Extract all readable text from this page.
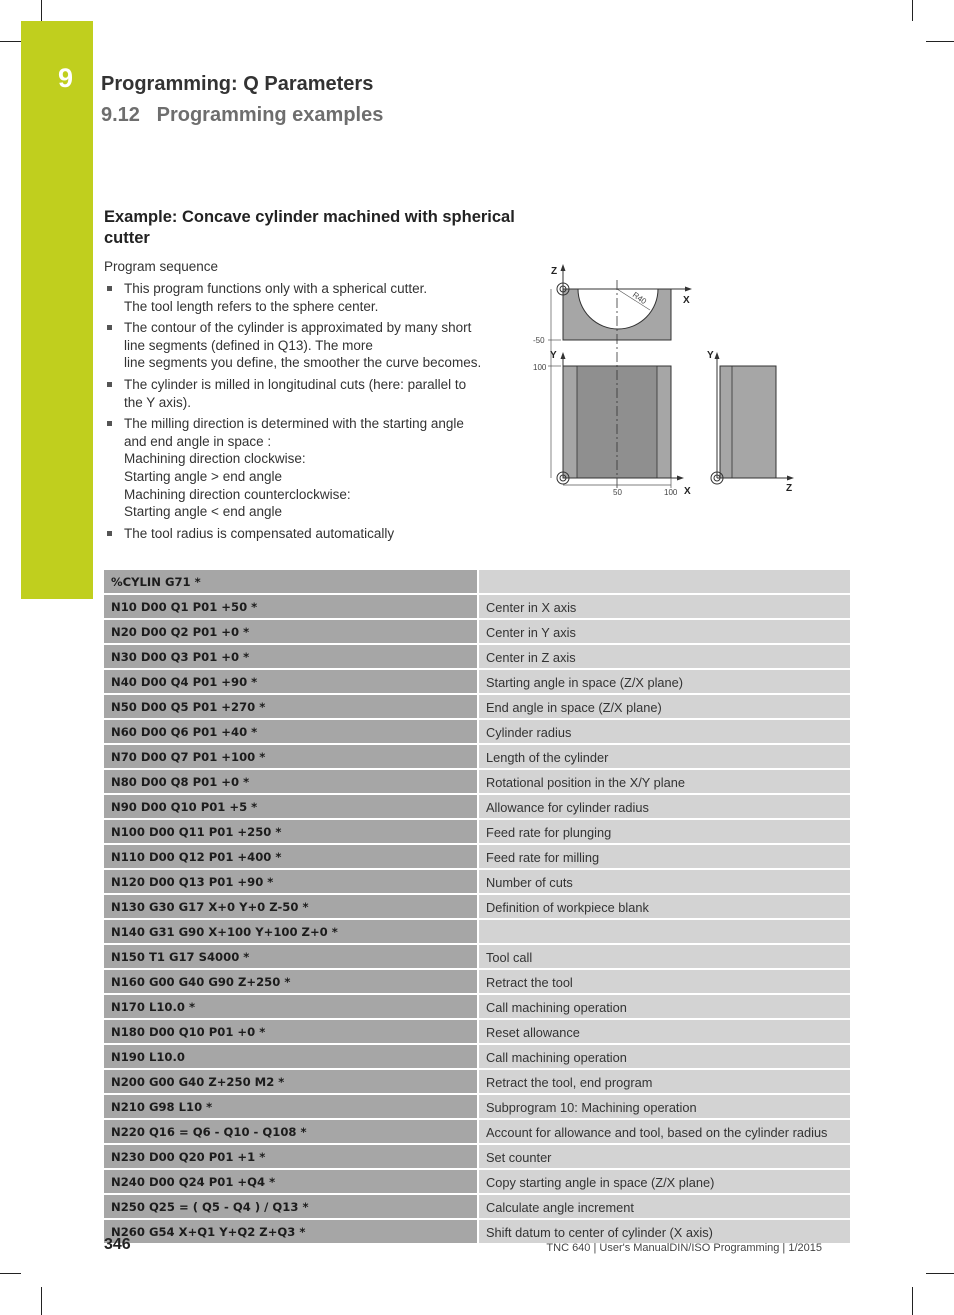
9 Programming: Q Parameters
9.12 Programming examples
Example: Concave cylinder machined with spherical cutter
Program sequence
This program functions only with a spherical cutter.
The tool length refers to the sphere center.
The contour of the cylinder is approximated by many short line segments (defined in Q13). The more
line segments you define, the smoother the curve becomes.
The cylinder is milled in longitudinal cuts (here: parallel to the Y axis).
The milling direction is determined with the starting angle and end angle in space :
Machining direction clockwise:
Starting angle > end angle
Machining direction counterclockwise:
Starting angle < end angle
The tool radius is compensated automatically
Z
X
R40
-50
Y
100
Y
X
50	100	Z
%CYLIN G71 *	
N10 D00 Q1 P01 +50 *	Center in X axis
N20 D00 Q2 P01 +0 *	Center in Y axis
N30 D00 Q3 P01 +0 *	Center in Z axis
N40 D00 Q4 P01 +90 *	Starting angle in space (Z/X plane)
N50 D00 Q5 P01 +270 *	End angle in space (Z/X plane)
N60 D00 Q6 P01 +40 *	Cylinder radius
N70 D00 Q7 P01 +100 *	Length of the cylinder
N80 D00 Q8 P01 +0 *	Rotational position in the X/Y plane
N90 D00 Q10 P01 +5 *	Allowance for cylinder radius
N100 D00 Q11 P01 +250 *	Feed rate for plunging
N110 D00 Q12 P01 +400 *	Feed rate for milling
N120 D00 Q13 P01 +90 *	Number of cuts
N130 G30 G17 X+0 Y+0 Z-50 *	Definition of workpiece blank
N140 G31 G90 X+100 Y+100 Z+0 *	
N150 T1 G17 S4000 *	Tool call
N160 G00 G40 G90 Z+250 *	Retract the tool
N170 L10.0 *	Call machining operation
N180 D00 Q10 P01 +0 *	Reset allowance
N190 L10.0	Call machining operation
N200 G00 G40 Z+250 M2 *	Retract the tool, end program
N210 G98 L10 *	Subprogram 10: Machining operation
N220 Q16 = Q6 - Q10 - Q108 *	Account for allowance and tool, based on the cylinder radius
N230 D00 Q20 P01 +1 *	Set counter
N240 D00 Q24 P01 +Q4 *	Copy starting angle in space (Z/X plane)
N250 Q25 = ( Q5 - Q4 ) / Q13 *	Calculate angle increment
N260 G54 X+Q1 Y+Q2 Z+Q3 *	Shift datum to center of cylinder (X axis)
346	TNC 640 | User's ManualDIN/ISO Programming | 1/2015
